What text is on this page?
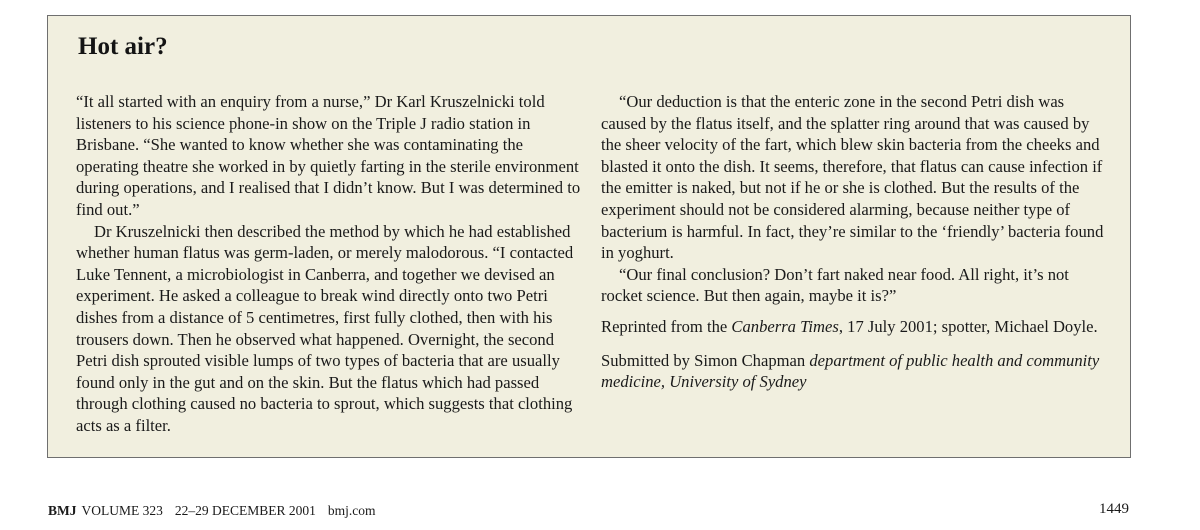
Hot air?

“It all started with an enquiry from a nurse,” Dr Karl Kruszelnicki told listeners to his science phone-in show on the Triple J radio station in Brisbane. “She wanted to know whether she was contaminating the operating theatre she worked in by quietly farting in the sterile environment during operations, and I realised that I didn’t know. But I was determined to find out.”

Dr Kruszelnicki then described the method by which he had established whether human flatus was germ-laden, or merely malodorous. “I contacted Luke Tennent, a microbiologist in Canberra, and together we devised an experiment. He asked a colleague to break wind directly onto two Petri dishes from a distance of 5 centimetres, first fully clothed, then with his trousers down. Then he observed what happened. Overnight, the second Petri dish sprouted visible lumps of two types of bacteria that are usually found only in the gut and on the skin. But the flatus which had passed through clothing caused no bacteria to sprout, which suggests that clothing acts as a filter.

“Our deduction is that the enteric zone in the second Petri dish was caused by the flatus itself, and the splatter ring around that was caused by the sheer velocity of the fart, which blew skin bacteria from the cheeks and blasted it onto the dish. It seems, therefore, that flatus can cause infection if the emitter is naked, but not if he or she is clothed. But the results of the experiment should not be considered alarming, because neither type of bacterium is harmful. In fact, they’re similar to the ‘friendly’ bacteria found in yoghurt.

“Our final conclusion? Don’t fart naked near food. All right, it’s not rocket science. But then again, maybe it is?”

Reprinted from the Canberra Times, 17 July 2001; spotter, Michael Doyle.

Submitted by Simon Chapman department of public health and community medicine, University of Sydney

BMJ VOLUME 323 22–29 DECEMBER 2001 bmj.com	1449
